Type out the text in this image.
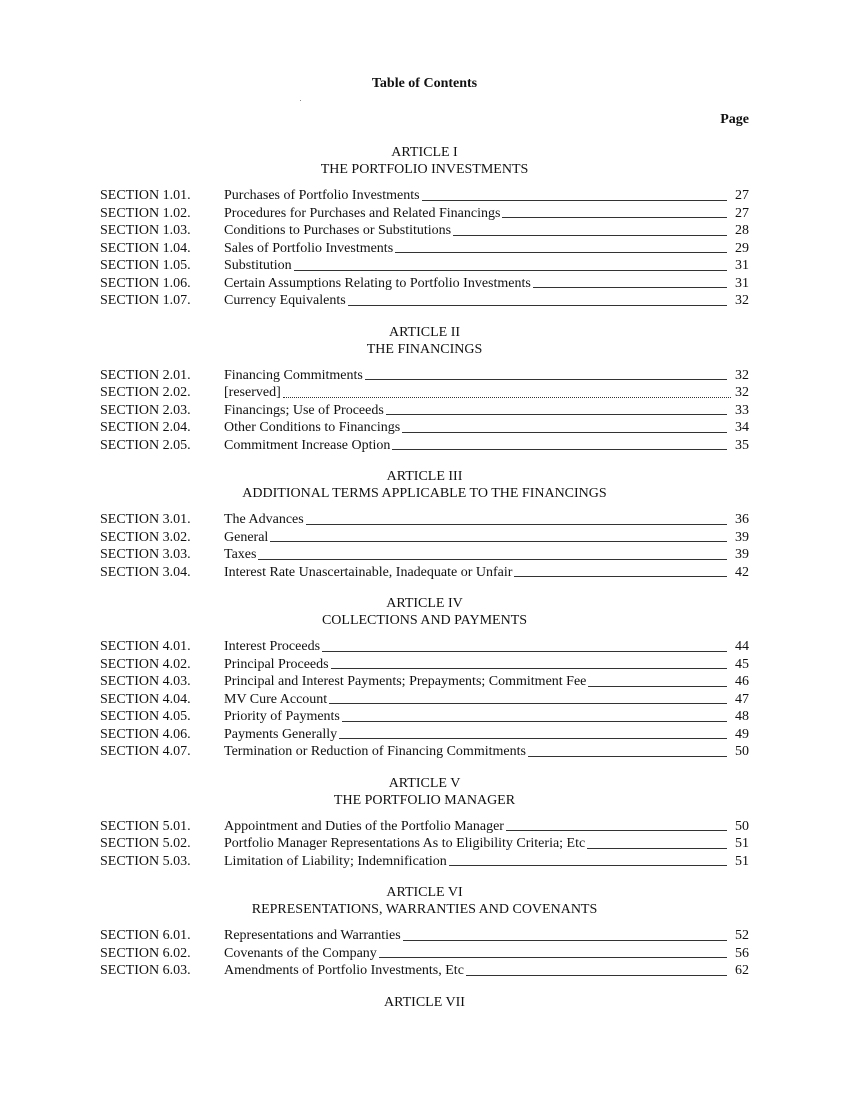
Table of Contents
Page
ARTICLE I
THE PORTFOLIO INVESTMENTS
SECTION 1.01.	Purchases of Portfolio Investments	27
SECTION 1.02.	Procedures for Purchases and Related Financings	27
SECTION 1.03.	Conditions to Purchases or Substitutions	28
SECTION 1.04.	Sales of Portfolio Investments	29
SECTION 1.05.	Substitution	31
SECTION 1.06.	Certain Assumptions Relating to Portfolio Investments	31
SECTION 1.07.	Currency Equivalents	32
ARTICLE II
THE FINANCINGS
SECTION 2.01.	Financing Commitments	32
SECTION 2.02.	[reserved]	32
SECTION 2.03.	Financings; Use of Proceeds	33
SECTION 2.04.	Other Conditions to Financings	34
SECTION 2.05.	Commitment Increase Option	35
ARTICLE III
ADDITIONAL TERMS APPLICABLE TO THE FINANCINGS
SECTION 3.01.	The Advances	36
SECTION 3.02.	General	39
SECTION 3.03.	Taxes	39
SECTION 3.04.	Interest Rate Unascertainable, Inadequate or Unfair	42
ARTICLE IV
COLLECTIONS AND PAYMENTS
SECTION 4.01.	Interest Proceeds	44
SECTION 4.02.	Principal Proceeds	45
SECTION 4.03.	Principal and Interest Payments; Prepayments; Commitment Fee	46
SECTION 4.04.	MV Cure Account	47
SECTION 4.05.	Priority of Payments	48
SECTION 4.06.	Payments Generally	49
SECTION 4.07.	Termination or Reduction of Financing Commitments	50
ARTICLE V
THE PORTFOLIO MANAGER
SECTION 5.01.	Appointment and Duties of the Portfolio Manager	50
SECTION 5.02.	Portfolio Manager Representations As to Eligibility Criteria; Etc	51
SECTION 5.03.	Limitation of Liability; Indemnification	51
ARTICLE VI
REPRESENTATIONS, WARRANTIES AND COVENANTS
SECTION 6.01.	Representations and Warranties	52
SECTION 6.02.	Covenants of the Company	56
SECTION 6.03.	Amendments of Portfolio Investments, Etc	62
ARTICLE VII
